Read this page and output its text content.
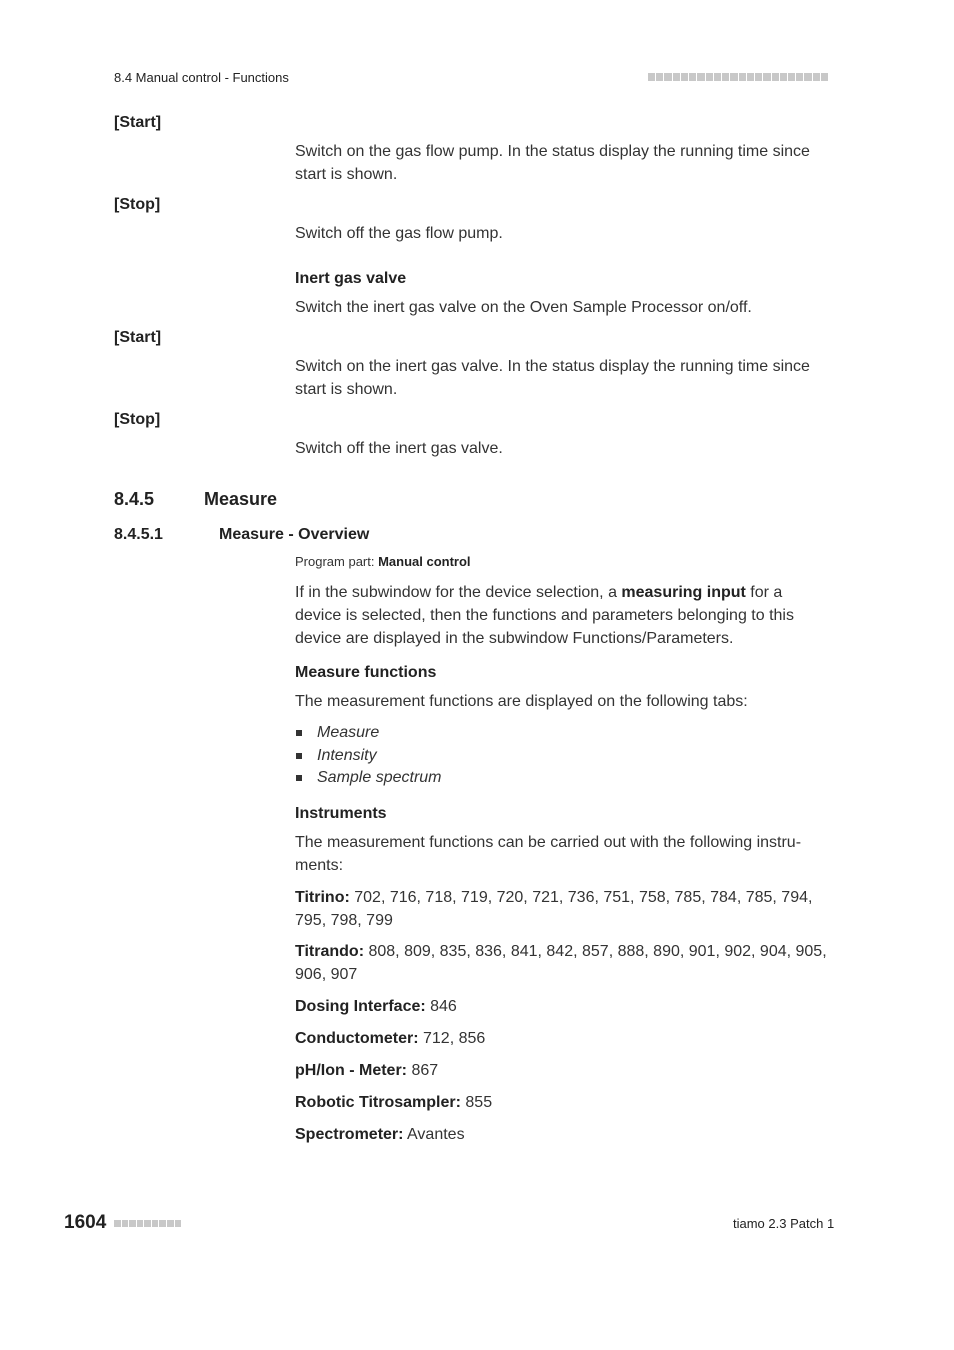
8.4 Manual control - Functions
[Start]
Switch on the gas flow pump. In the status display the running time since start is shown.
[Stop]
Switch off the gas flow pump.
Inert gas valve
Switch the inert gas valve on the Oven Sample Processor on/off.
[Start]
Switch on the inert gas valve. In the status display the running time since start is shown.
[Stop]
Switch off the inert gas valve.
8.4.5	Measure
8.4.5.1	Measure - Overview
Program part: Manual control
If in the subwindow for the device selection, a measuring input for a device is selected, then the functions and parameters belonging to this device are displayed in the subwindow Functions/Parameters.
Measure functions
The measurement functions are displayed on the following tabs:
Measure
Intensity
Sample spectrum
Instruments
The measurement functions can be carried out with the following instru- ments:
Titrino: 702, 716, 718, 719, 720, 721, 736, 751, 758, 785, 784, 785, 794, 795, 798, 799
Titrando: 808, 809, 835, 836, 841, 842, 857, 888, 890, 901, 902, 904, 905, 906, 907
Dosing Interface: 846
Conductometer: 712, 856
pH/Ion - Meter: 867
Robotic Titrosampler: 855
Spectrometer: Avantes
1604	tiamo 2.3 Patch 1
